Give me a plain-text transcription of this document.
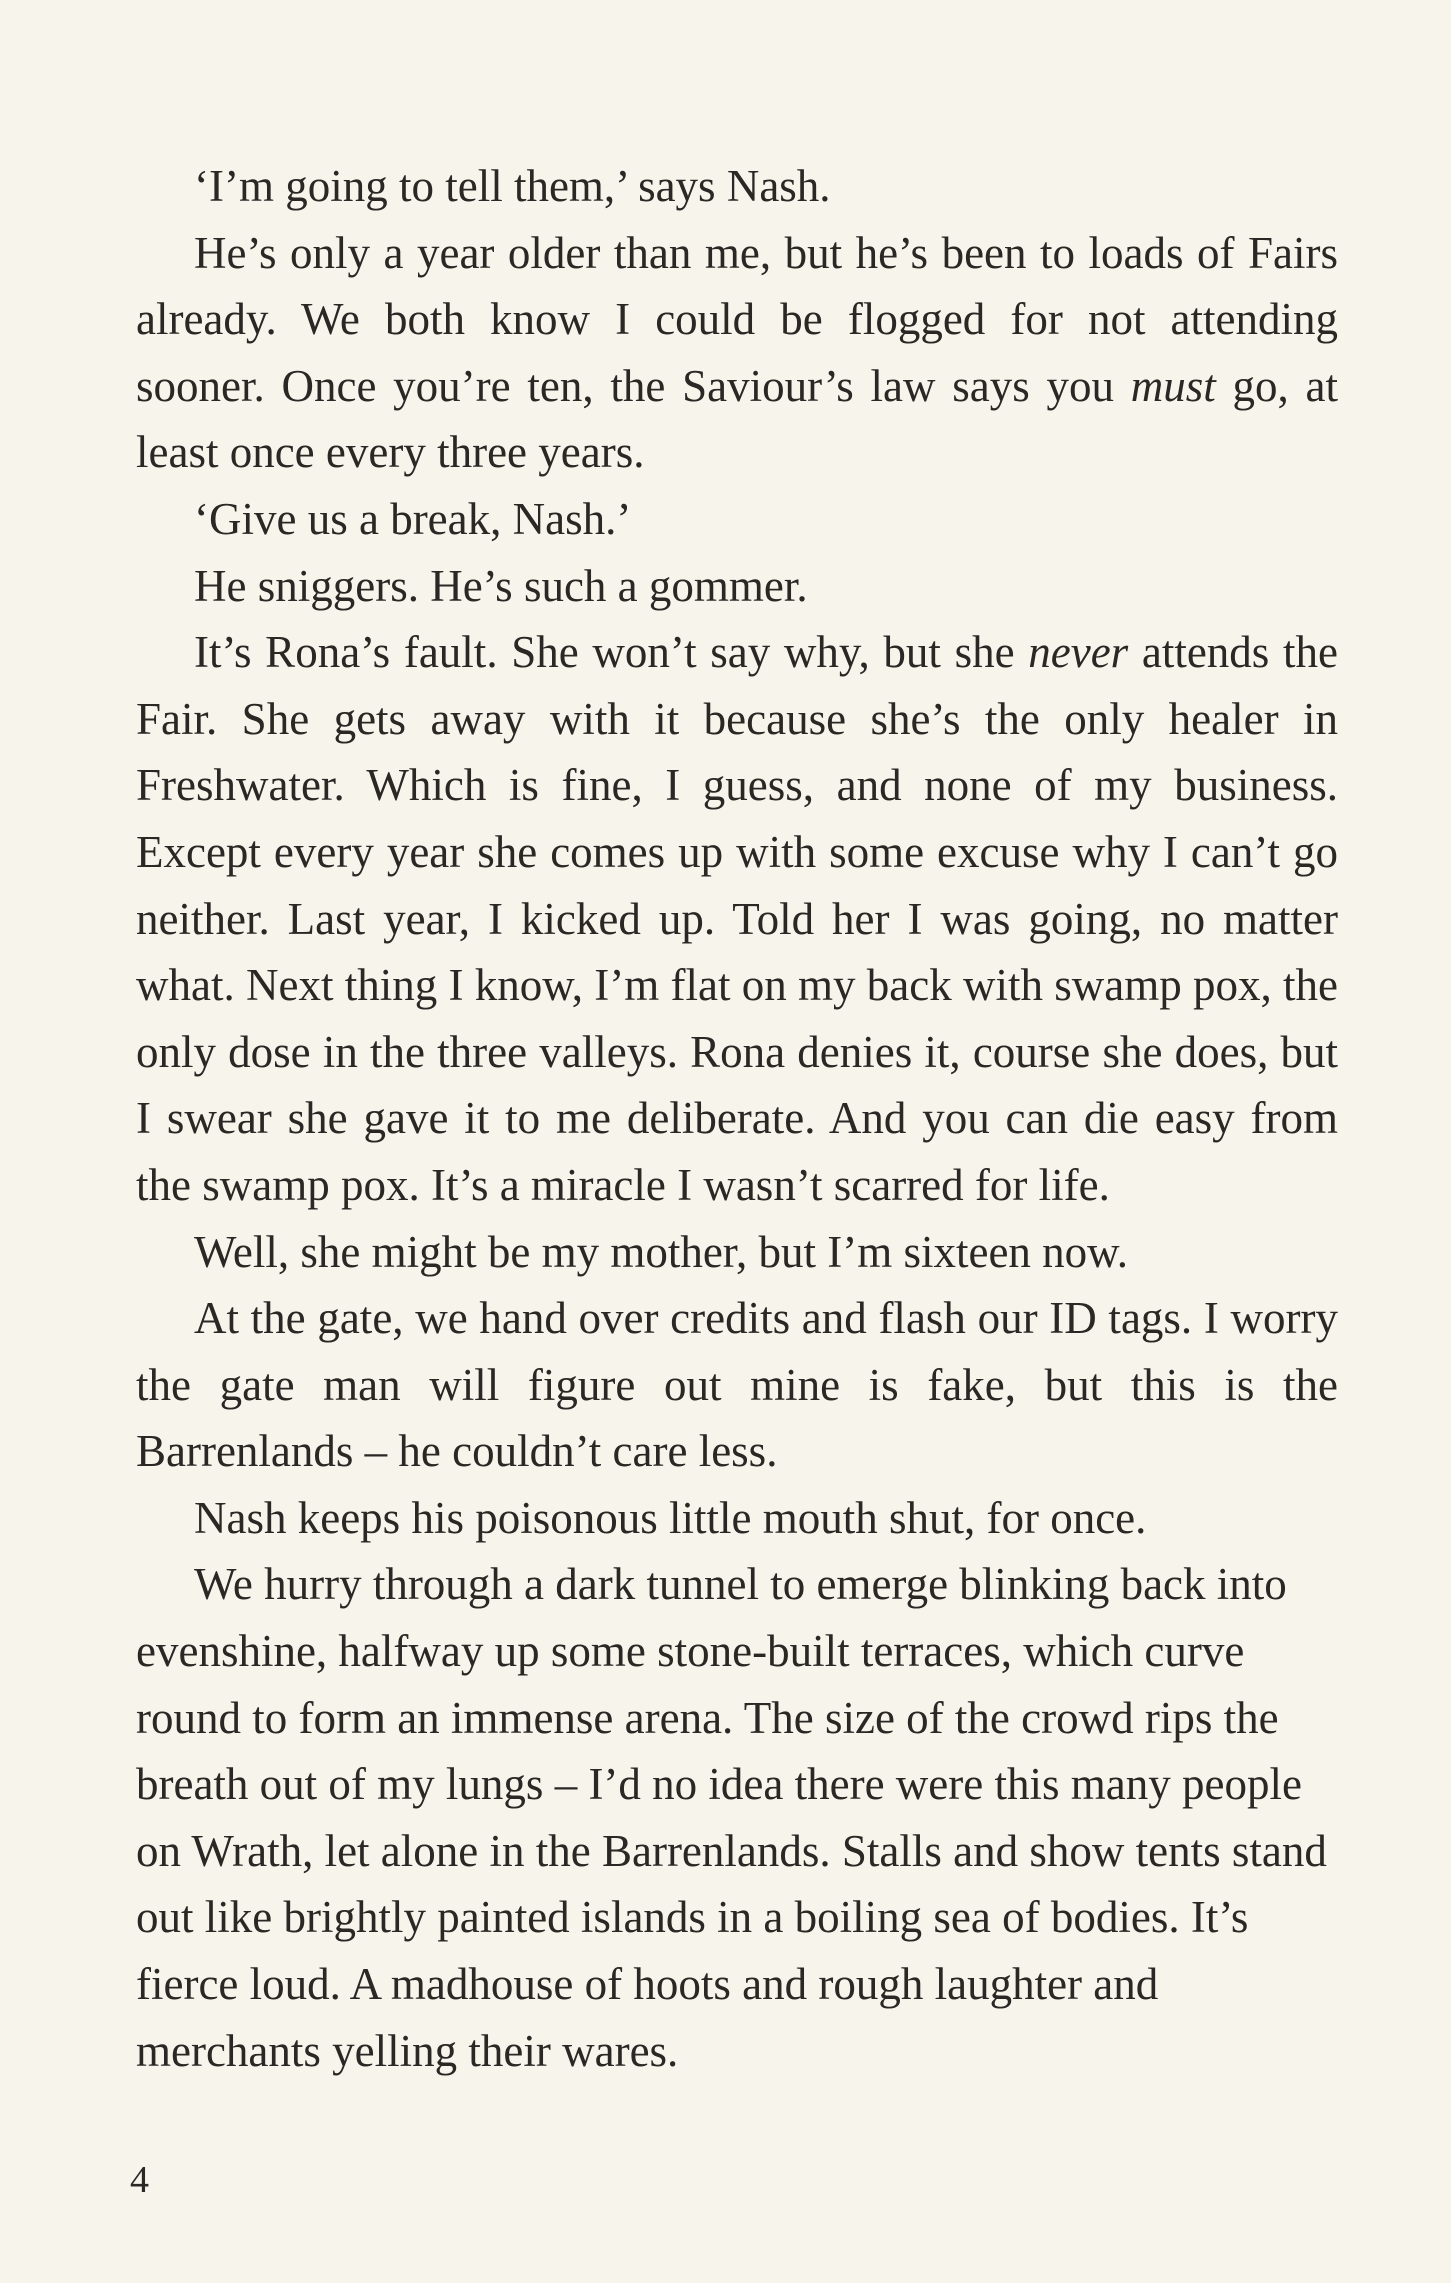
‘I’m going to tell them,’ says Nash.

He’s only a year older than me, but he’s been to loads of Fairs already. We both know I could be flogged for not attending sooner. Once you’re ten, the Saviour’s law says you must go, at least once every three years.

‘Give us a break, Nash.’

He sniggers. He’s such a gommer.

It’s Rona’s fault. She won’t say why, but she never attends the Fair. She gets away with it because she’s the only healer in Freshwater. Which is fine, I guess, and none of my business. Except every year she comes up with some excuse why I can’t go neither. Last year, I kicked up. Told her I was going, no matter what. Next thing I know, I’m flat on my back with swamp pox, the only dose in the three valleys. Rona denies it, course she does, but I swear she gave it to me deliberate. And you can die easy from the swamp pox. It’s a miracle I wasn’t scarred for life.

Well, she might be my mother, but I’m sixteen now.

At the gate, we hand over credits and flash our ID tags. I worry the gate man will figure out mine is fake, but this is the Barrenlands – he couldn’t care less.

Nash keeps his poisonous little mouth shut, for once.

We hurry through a dark tunnel to emerge blinking back into evenshine, halfway up some stone-built terraces, which curve round to form an immense arena. The size of the crowd rips the breath out of my lungs – I’d no idea there were this many people on Wrath, let alone in the Barrenlands. Stalls and show tents stand out like brightly painted islands in a boiling sea of bodies. It’s fierce loud. A madhouse of hoots and rough laughter and merchants yelling their wares.

4
